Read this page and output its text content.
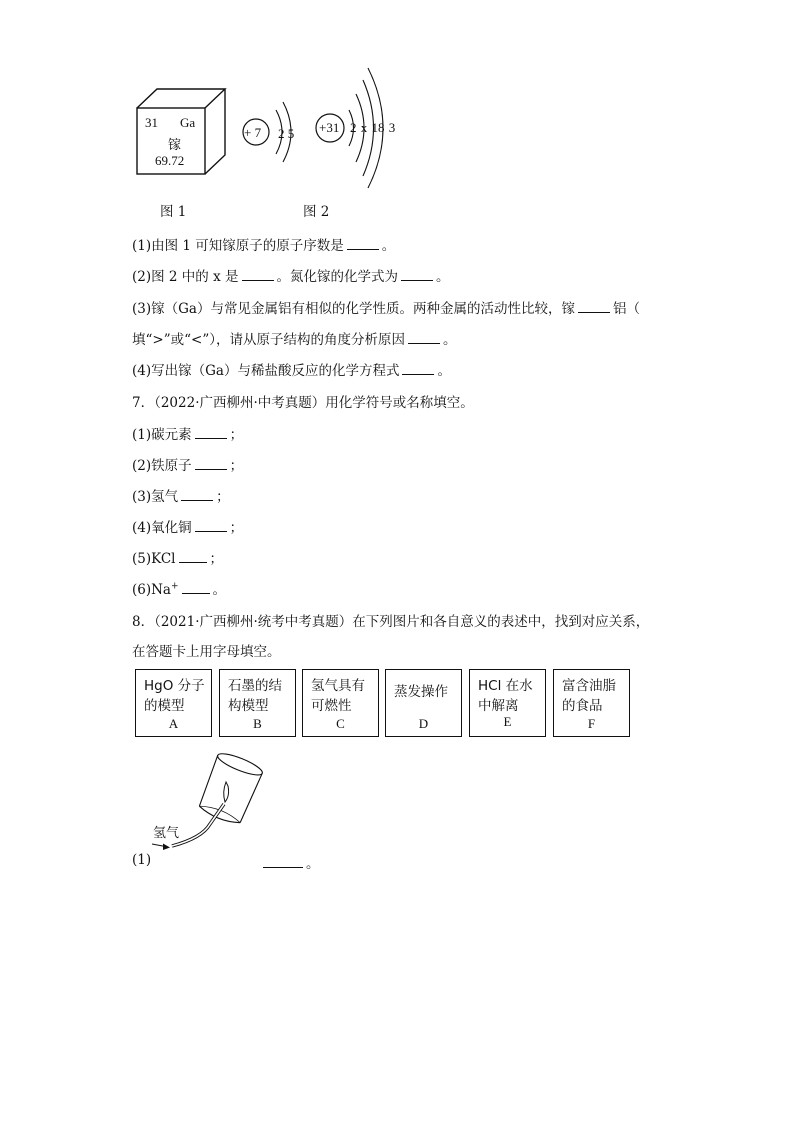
31 Ga
镓
69.72
+ 7 2 5 +31 2 x 18 3
图 1	图 2
(1)由图 1 可知镓原子的原子序数是	。
(2)图 2 中的 x 是	。氮化镓的化学式为	。
(3)镓（Ga）与常见金属铝有相似的化学性质。两种金属的活动性比较，镓	铝（
填“>”或“<”），请从原子结构的角度分析原因	。
(4)写出镓（Ga）与稀盐酸反应的化学方程式	。
7．（2022·广西柳州·中考真题）用化学符号或名称填空。
(1)碳元素	；
(2)铁原子	；
(3)氢气	；
(4)氧化铜	；
(5)KCl	；
(6)Na+	。
8．（2021·广西柳州·统考中考真题）在下列图片和各自意义的表述中，找到对应关系，
在答题卡上用字母填空。
HgO 分子
的模型
A
石墨的结
构模型
B
氢气具有
可燃性
C
蒸发操作
D
HCl 在水
中解离
E
富含油脂
的食品
F
氢气
(1)	。
